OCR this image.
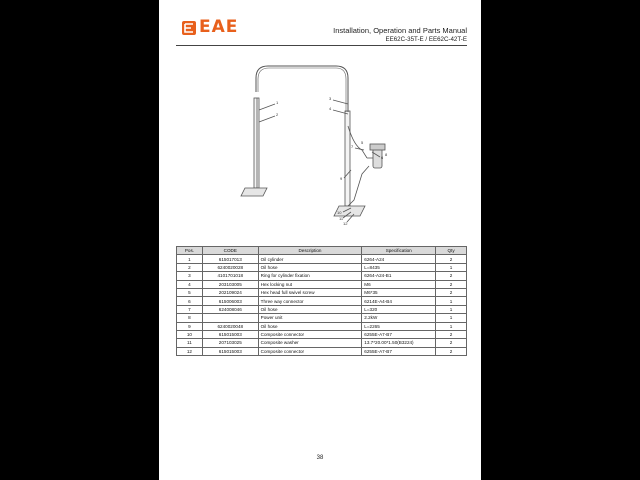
EAE	Installation, Operation and Parts Manual
EE62C-35T-E / EE62C-42T-E
1
2
3
4
5
6
7
8
9
10
11
12
Pos.	CODE	Description	Specification	Qty
1	615017013	Oil cylinder	6264-A24	2
2	6240020028	Oil hose	L=8435	1
3	4101701018	Ring for cylinder fixation	6264-A24-B1	2
4	203103005	Hex locking nut	M6	2
5	202109024	Hex head full swivel screw	M6*35	2
6	615006003	Three way connector	6214E-A4-B4	1
7	624008046	Oil hose	L=320	1
8		Power unit	2.2kW	1
9	6240020048	Oil hose	L=2265	1
10	615015003	Composite connector	6255E-A7-B7	2
11	207103025	Composite washer	13.7*20.00*1.50(B3224)	2
12	615015003	Composite connector	6255E-A7-B7	2
38
